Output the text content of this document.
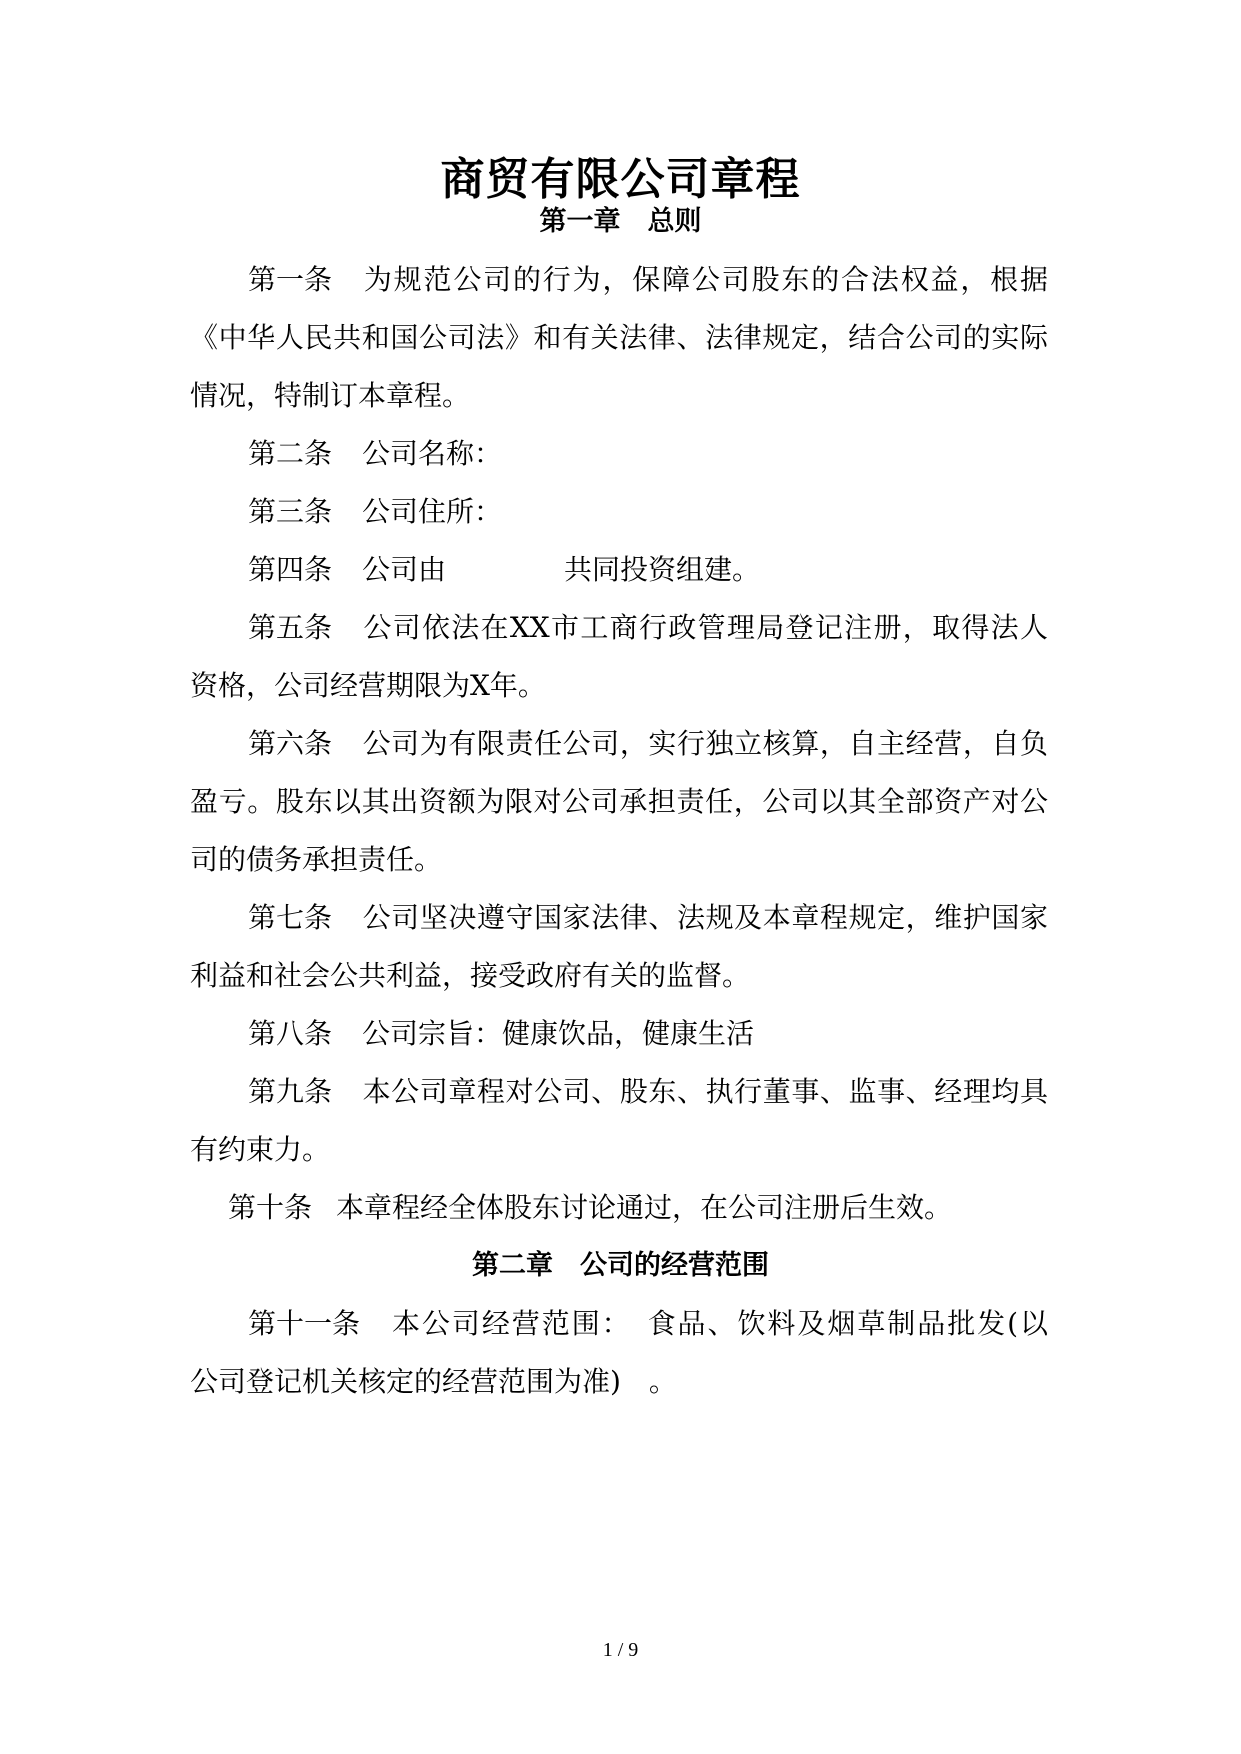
商贸有限公司章程
第一章　总则
第一条 为规范公司的行为，保障公司股东的合法权益，根据
《中华人民共和国公司法》和有关法律、法律规定，结合公司的实际
情况，特制订本章程。
第二条 公司名称：
第三条 公司住所：
第四条 公司由	共同投资组建。
第五条 公司依法在XX市工商行政管理局登记注册，取得法人
资格，公司经营期限为X年。
第六条 公司为有限责任公司，实行独立核算，自主经营，自负
盈亏。股东以其出资额为限对公司承担责任，公司以其全部资产对公
司的债务承担责任。
第七条 公司坚决遵守国家法律、法规及本章程规定，维护国家
利益和社会公共利益，接受政府有关的监督。
第八条 公司宗旨：健康饮品，健康生活
第九条 本公司章程对公司、股东、执行董事、监事、经理均具
有约束力。
第十条 本章程经全体股东讨论通过，在公司注册后生效。
第二章　公司的经营范围
第十一条 本公司经营范围：　食品、饮料及烟草制品批发(以
公司登记机关核定的经营范围为准)　。
1 / 9
